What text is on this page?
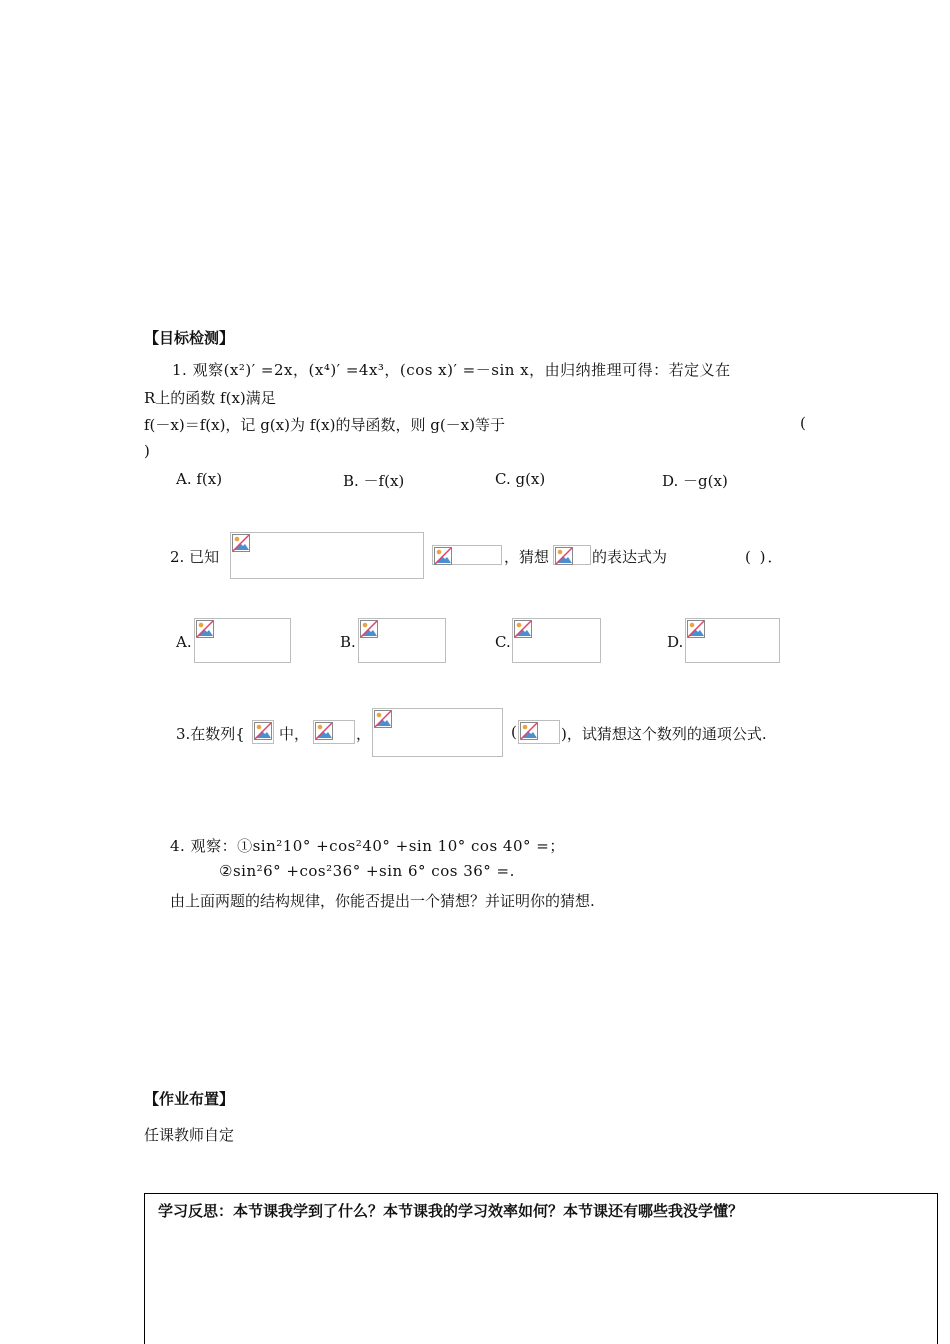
【目标检测】
1. 观察(x²)′ =2x，(x⁴)′ =4x³，(cos x)′ =－sin x，由归纳推理可得：若定义在
R上的函数 f(x)满足
f(－x)＝f(x)，记 g(x)为 f(x)的导函数，则 g(－x)等于	(
)
A. f(x)	B. －f(x)	C. g(x)	D. －g(x)
2. 已知	，猜想	的表达式为	( )．
A.	B.	C.	D.
3.在数列{ 中，	，	(	)，试猜想这个数列的通项公式.
4. 观察：①sin²10° +cos²40° +sin 10° cos 40° =；
②sin²6° +cos²36° +sin 6° cos 36° =.
由上面两题的结构规律，你能否提出一个猜想？并证明你的猜想.
【作业布置】
任课教师自定
学习反思：本节课我学到了什么？本节课我的学习效率如何？本节课还有哪些我没学懂？
